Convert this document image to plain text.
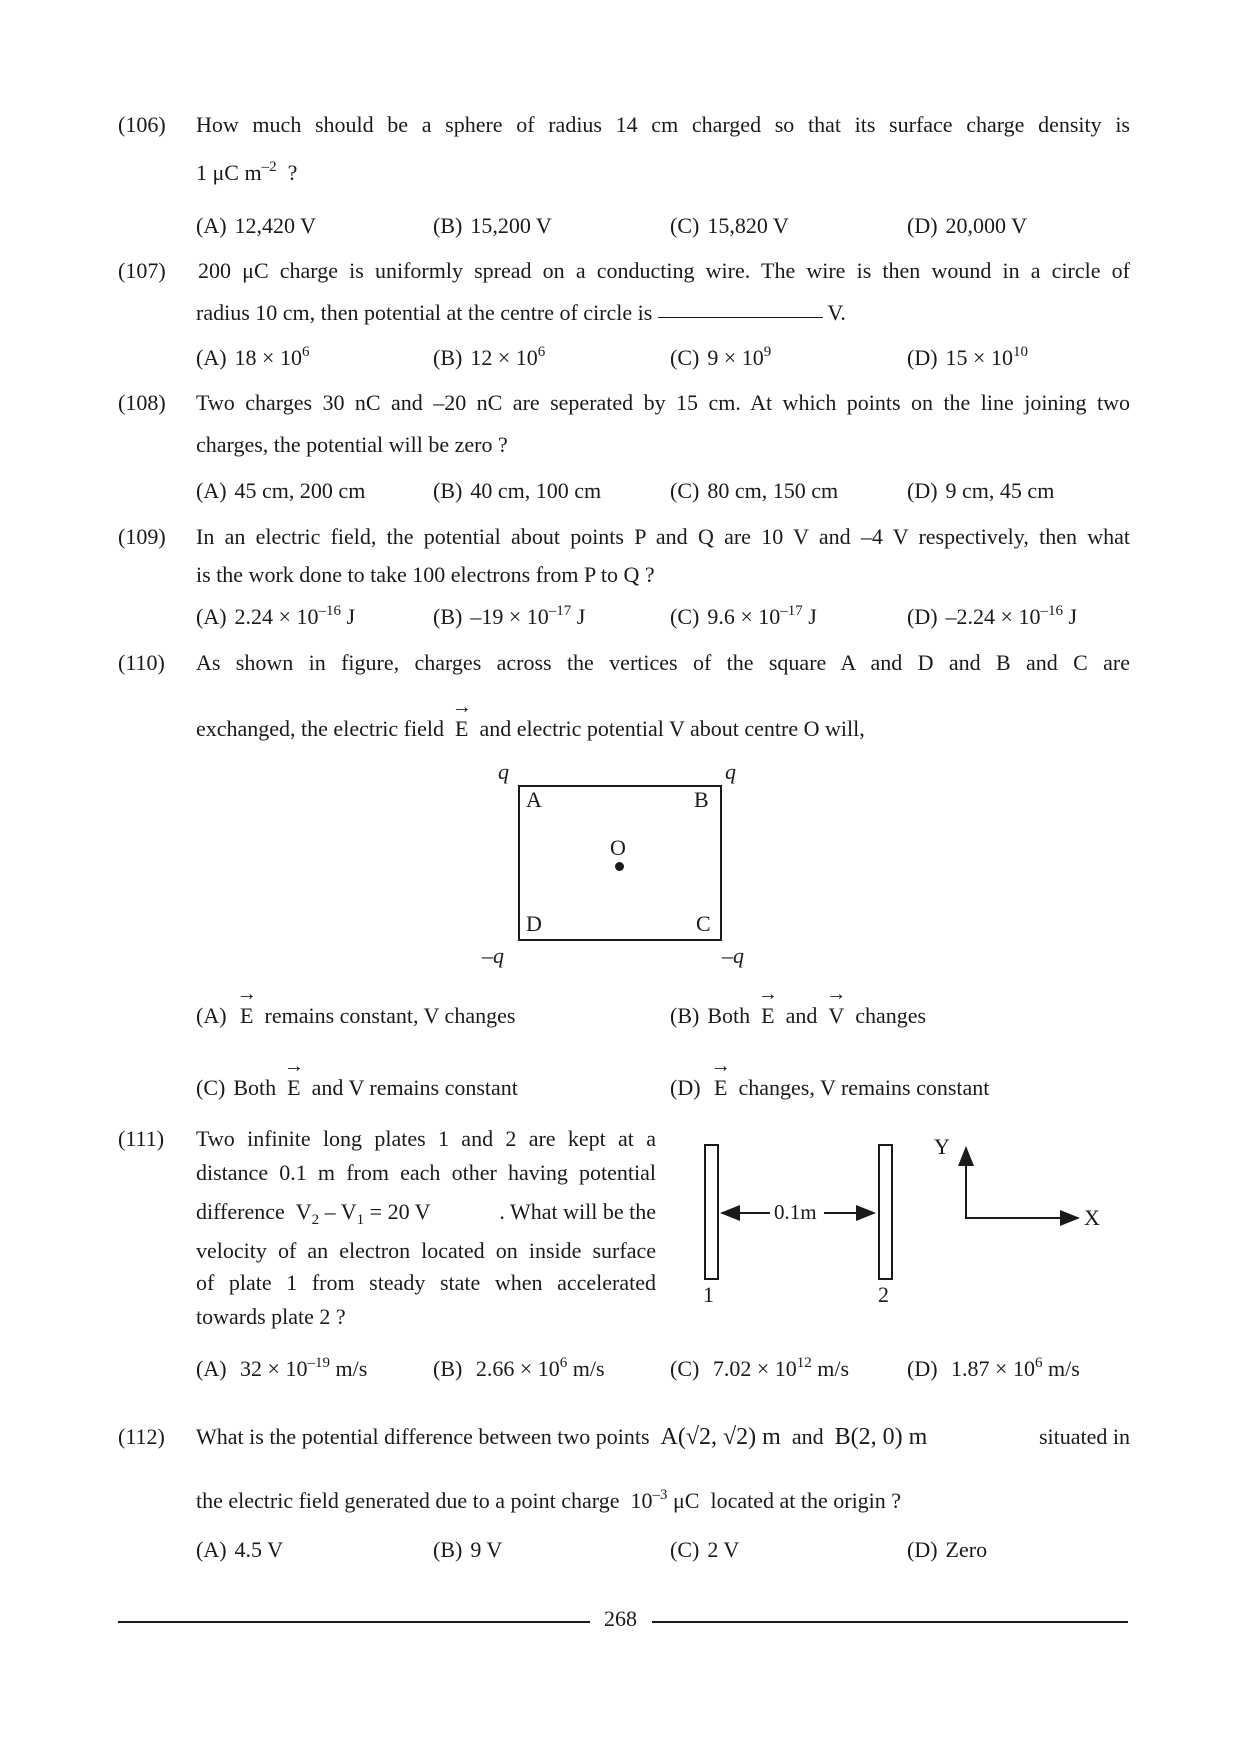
(106) How much should be a sphere of radius 14 cm charged so that its surface charge density is
1 μC $m^{-2}$ ?
(A) 12,420 V	(B) 15,200 V	(C) 15,820 V	(D) 20,000 V
(107) 200 μC charge is uniformly spread on a conducting wire. The wire is then wound in a circle of
radius 10 cm, then potential at the centre of circle is	V.
(A) $18 \times 10^6$	(B) $12 \times 10^6$	(C) $9 \times 10^9$	(D) $15 \times 10^{10}$
(108) Two charges 30 nC and –20 nC are seperated by 15 cm. At which points on the line joining two
charges, the potential will be zero ?
(A) 45 cm, 200 cm	(B) 40 cm, 100 cm	(C) 80 cm, 150 cm	(D) 9 cm, 45 cm
(109) In an electric field, the potential about points P and Q are 10 V and –4 V respectively, then what
is the work done to take 100 electrons from P to Q ?
(A) $2.24 \times 10^{-16}$ J	(B) $-19 \times 10^{-17}$ J	(C) $9.6 \times 10^{-17}$ J	(D) $-2.24 \times 10^{-16}$ J
(110) As shown in figure, charges across the vertices of the square A and D and B and C are
exchanged, the electric field → E and electric potential V about centre O will,
q	q
–q	–q
A	B
C
D
O
(A) → E remains constant, V changes	(B) Both → E and → V changes
(C) Both → E and V remains constant	(D) → E changes, V remains constant
(111) Two infinite long plates 1 and 2 are kept at a
distance 0.1 m from each other having potential
difference $V_2 - V_1 = 20$ V	. What will be the
velocity of an electron located on inside surface
of plate 1 from steady state when accelerated
towards plate 2 ?
0.1m
1	2
Y
X
(A) $32 \times 10^{-19}$ m/s	(B) $2.66 \times 10^6$ m/s	(C) $7.02 \times 10^{12}$ m/s	(D) $1.87 \times 10^6$ m/s
(112) What is the potential difference between two points A(√2, √2) m and B(2, 0) m	situated in
the electric field generated due to a point charge $10^{-3}$ μC located at the origin ?
(A) 4.5 V	(B) 9 V	(C) 2 V	(D) Zero
268
